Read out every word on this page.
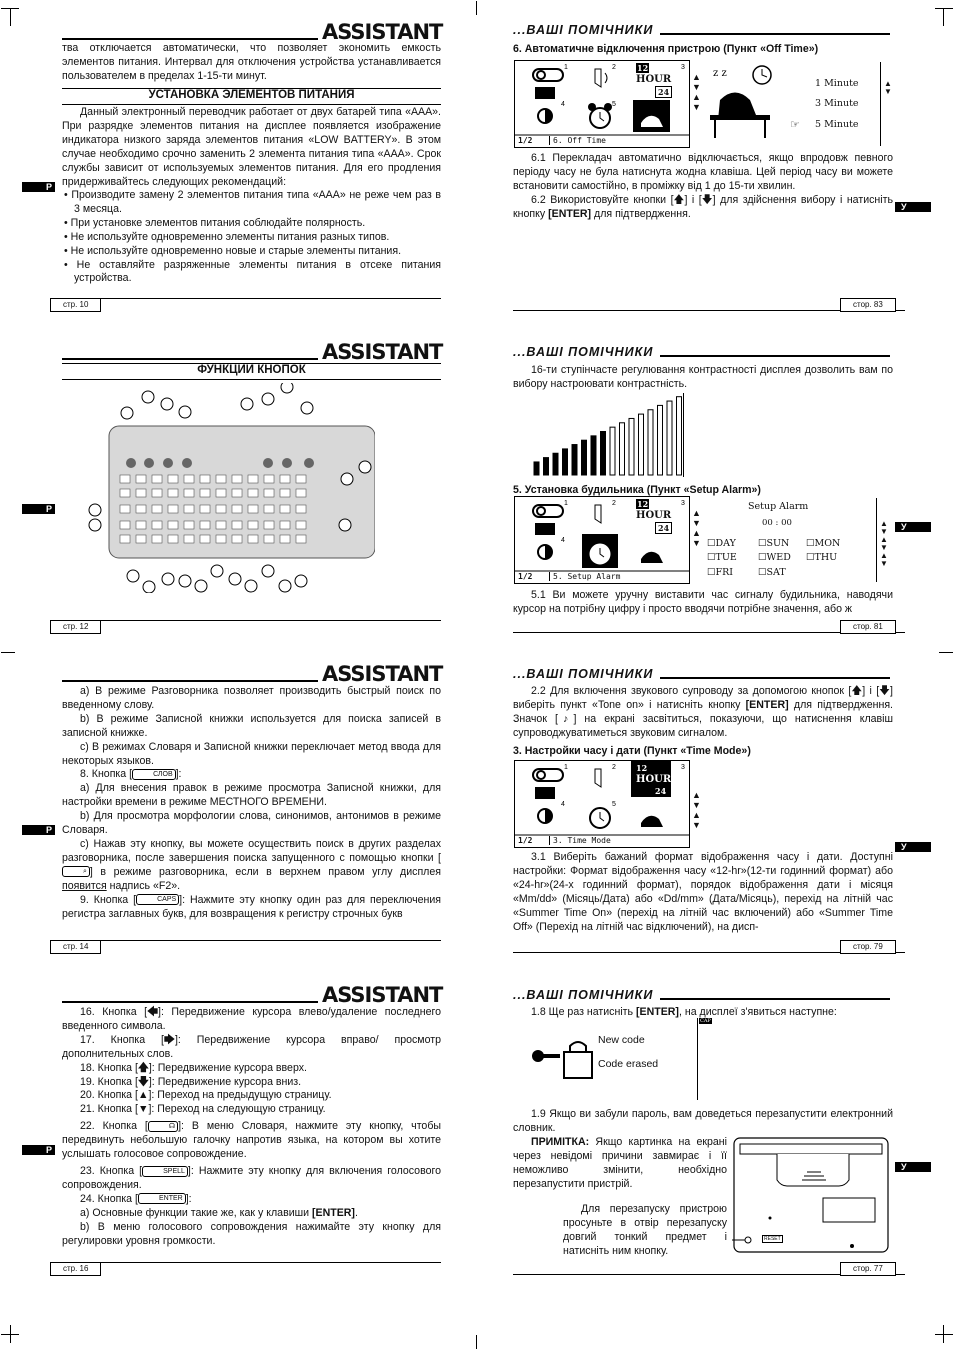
ASSISTANT
тва отключается автоматически, что позволяет экономить емкость элементов питания. Интервал для отключения устройства устанавливается пользователем в пределах 1-15-ти минут.
УСТАНОВКА ЭЛЕМЕНТОВ ПИТАНИЯ
Данный электронный переводчик работает от двух батарей типа «ААА». При разрядке элементов питания на дисплее появляется изображение индикатора низкого заряда элементов питания «LOW BATTERY». В этом случае необходимо срочно заменить 2 элемента питания типа «ААА». Срок службы зависит от используемых элементов питания. Для его продления придерживайтесь следующих рекомендаций:

• Производите замену 2 элементов питания типа «ААА» не реже чем раз в 3 месяца.

• При установке элементов питания соблюдайте полярность.

• Не используйте одновременно элементы питания разных типов.

• Не используйте одновременно новые и старые элементы питания.

• Не оставляйте разряженные элементы питания в отсеке питания устройства.

Р
стр. 10
...ВАШІ ПОМІЧНИКИ
6. Автоматичне відключення пристрою (Пункт «Off Time»)
1	2	3
4	5
12
HOUR
24
1/2	6. Off Time
▲
▼
▲
▼
z z
1 Minute
3 Minute
5 Minute
☞
▲
▼
6.1 Перекладач автоматично відключається, якщо впродовж певного періоду часу не була натиснута жодна клавіша. Цей період часу ви можете встановити самостійно, в проміжку від 1 до 15-ти хвилин.
6.2 Використовуйте кнопки [🡅] і [🡇] для здійснення вибору і натисніть кнопку [ENTER] для підтвердження.
У
стор. 83
ASSISTANT
ФУНКЦИИ КНОПОК
Р
стр. 12
...ВАШІ ПОМІЧНИКИ
16-ти ступінчасте регулювання контрастності дисплея дозволить вам по вибору настроювати контрастність.
5. Установка будильника (Пункт «Setup Alarm»)
1	2	3
4
12
HOUR
24
1/2	5. Setup Alarm
▲
▼
▲
▼
Setup Alarm
00 : 00
☐DAY ☐SUN ☐MON
☐TUE ☐WED ☐THU
☐FRI	☐SAT
▲
▼
▲
▼
▲
▼
У
5.1 Ви можете уручну виставити час сигналу будильника, наводячи курсор на потрібну цифру і просто вводячи потрібне значення, або ж
стор. 81
ASSISTANT

a) В режиме Разговорника позволяет производить быстрый поиск по введенному слову.

b) В режиме Записной книжки используется для поиска записей в записной книжке.

c) В режимах Словаря и Записной книжки переключает метод ввода для некоторых языков.

8. Кнопка [	СЛОВ ]:

a) Для внесения правок в режиме просмотра Записной книжки, для настройки времени в режиме МЕСТНОГО ВРЕМЕНИ.

b) Для просмотра морфологии слова, синонимов, антонимов в режиме Словаря.

c) Нажав эту кнопку, вы можете осуществить поиск в других разделах разговорника, после завершения поиска запущенного с помощью кнопки [⌕ ] в режиме разговорника, если в верхнем правом углу дисплея появится надпись «F2».

9. Кнопка [	CAPS ]: Нажмите эту кнопку один раз для переключения регистра заглавных букв, для возвращения к регистру строчных букв

Р
стр. 14
...ВАШІ ПОМІЧНИКИ
2.2 Для включення звукового супроводу за допомогою кнопок [🡅] і [🡇] виберіть пункт «Tone on» і натисніть кнопку [ENTER] для підтвердження. Значок [♪] на екрані засвітиться, показуючи, що натиснення клавіш супроводжуватиметься звуковим сигналом.
3. Настройки часу і дати (Пункт «Time Mode»)
1	2	3
4	5
12
HOUR
24
1/2	3. Time Mode
▲
▼
▲
▼
У
3.1 Виберіть бажаний формат відображення часу і дати. Доступні настройки: Формат відображення часу «12-hr»(12-ти годинний формат) або «24-hr»(24-х годинний формат), порядок відображення дати і місяця «Mm/dd» (Місяць/Дата) або «Dd/mm» (Дата/Місяць), перехід на літній час «Summer Time On» (перехід на літній час включений) або «Summer Time Off» (Перехід на літній час відключений), на дисп-
стор. 79
ASSISTANT

16. Кнопка [🡄]: Передвижение курсора влево/удаление последнего введенного символа.

17. Кнопка [🡆]: Передвижение курсора вправо/ просмотр дополнительных слов.

18. Кнопка [🡅]: Передвижение курсора вверх.

19. Кнопка [🡇]: Передвижение курсора вниз.

20. Кнопка [▲]: Переход на предыдущую страницу.

21. Кнопка [▼]: Переход на следующую страницу.

22. Кнопка [	☊ ]: В меню Словаря, нажмите эту кнопку, чтобы передвинуть небольшую галочку напротив языка, на котором вы хотите услышать голосовое сопровождение.

23. Кнопка [	SPELL ]: Нажмите эту кнопку для включения голосового сопровождения.

24. Кнопка [	ENTER ]:

a) Основные функции такие же, как у клавиши [ENTER].

b) В меню голосового сопровождения нажимайте эту кнопку для регулировки уровня громкости.

Р
стр. 16
...ВАШІ ПОМІЧНИКИ
1.8 Ще раз натисніть [ENTER], на дисплеї з'явиться наступне:
New code
Code erased
CAP
1.9 Якщо ви забули пароль, вам доведеться перезапустити електронний словник.
ПРИМІТКА: Якщо картинка на екрані через невідомі причини завмирає і її неможливо змінити, необхідно перезапустити пристрій.
Для перезапуску пристрою просуньте в отвір перезапуску довгий тонкий предмет і натисніть ним кнопку.
RESET
У
стор. 77
